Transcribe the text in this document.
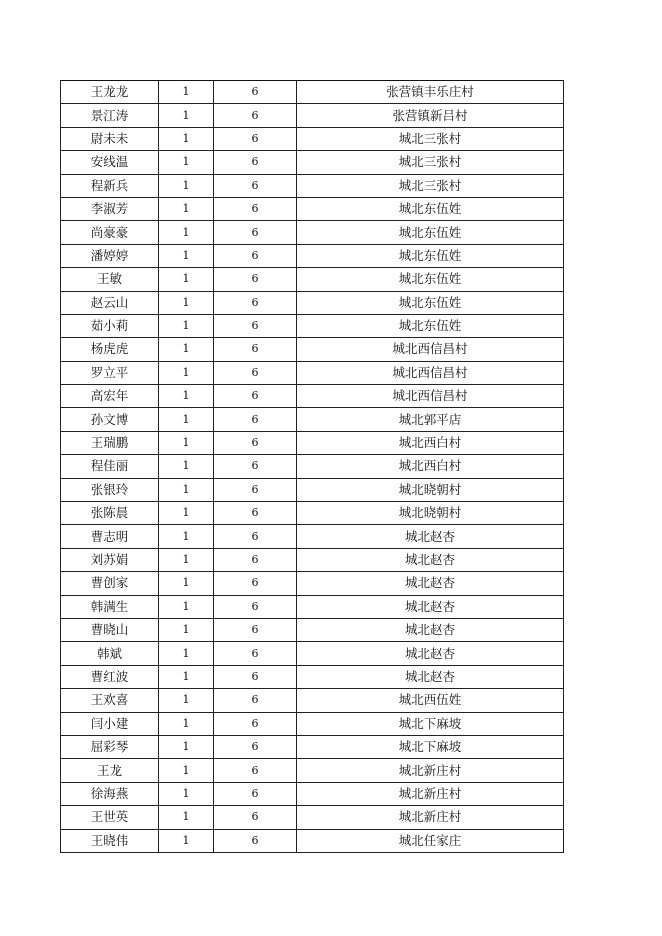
王龙龙	1	6	张营镇丰乐庄村
景江涛	1	6	张营镇新吕村
尉未未	1	6	城北三张村
安线温	1	6	城北三张村
程新兵	1	6	城北三张村
李淑芳	1	6	城北东伍姓
尚豪豪	1	6	城北东伍姓
潘婷婷	1	6	城北东伍姓
王敏	1	6	城北东伍姓
赵云山	1	6	城北东伍姓
茹小莉	1	6	城北东伍姓
杨虎虎	1	6	城北西信昌村
罗立平	1	6	城北西信昌村
高宏年	1	6	城北西信昌村
孙文博	1	6	城北郭平店
王瑞鹏	1	6	城北西白村
程佳丽	1	6	城北西白村
张银玲	1	6	城北晓朝村
张陈晨	1	6	城北晓朝村
曹志明	1	6	城北赵杏
刘苏娟	1	6	城北赵杏
曹创家	1	6	城北赵杏
韩满生	1	6	城北赵杏
曹晓山	1	6	城北赵杏
韩斌	1	6	城北赵杏
曹红波	1	6	城北赵杏
王欢喜	1	6	城北西伍姓
闫小建	1	6	城北下麻坡
屈彩琴	1	6	城北下麻坡
王龙	1	6	城北新庄村
徐海燕	1	6	城北新庄村
王世英	1	6	城北新庄村
王晓伟	1	6	城北任家庄
